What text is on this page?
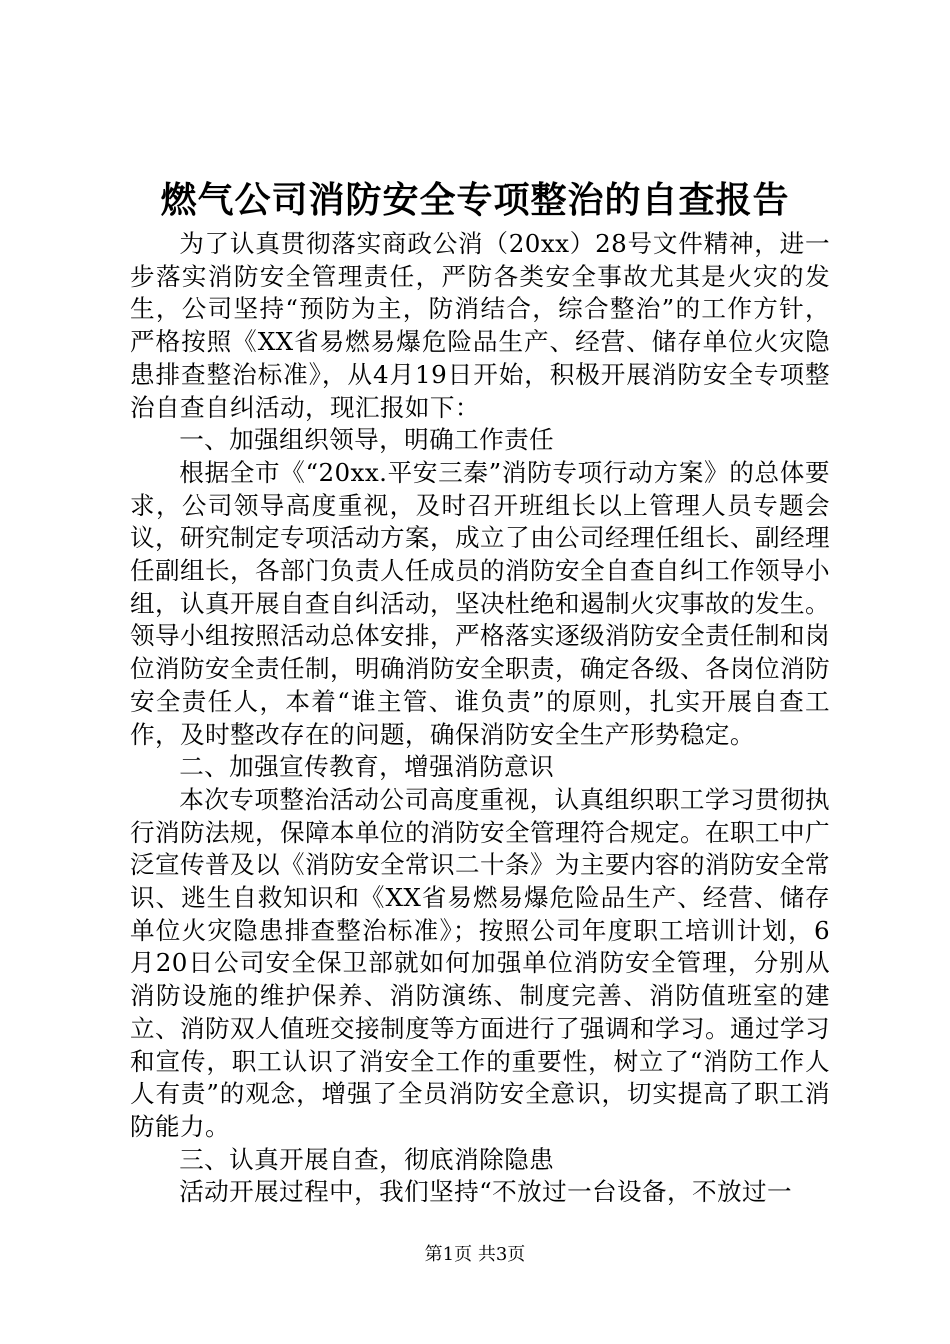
燃气公司消防安全专项整治的自查报告

为了认真贯彻落实商政公消（20xx）28号文件精神，进一步落实消防安全管理责任，严防各类安全事故尤其是火灾的发生，公司坚持“预防为主，防消结合，综合整治”的工作方针，严格按照《XX省易燃易爆危险品生产、经营、储存单位火灾隐患排查整治标准》，从4月19日开始，积极开展消防安全专项整治自查自纠活动，现汇报如下：

一、加强组织领导，明确工作责任

根据全市《“20xx.平安三秦”消防专项行动方案》的总体要求，公司领导高度重视，及时召开班组长以上管理人员专题会议，研究制定专项活动方案，成立了由公司经理任组长、副经理任副组长，各部门负责人任成员的消防安全自查自纠工作领导小组，认真开展自查自纠活动，坚决杜绝和遏制火灾事故的发生。领导小组按照活动总体安排，严格落实逐级消防安全责任制和岗位消防安全责任制，明确消防安全职责，确定各级、各岗位消防安全责任人，本着“谁主管、谁负责”的原则，扎实开展自查工作，及时整改存在的问题，确保消防安全生产形势稳定。

二、加强宣传教育，增强消防意识

本次专项整治活动公司高度重视，认真组织职工学习贯彻执行消防法规，保障本单位的消防安全管理符合规定。在职工中广泛宣传普及以《消防安全常识二十条》为主要内容的消防安全常识、逃生自救知识和《XX省易燃易爆危险品生产、经营、储存单位火灾隐患排查整治标准》；按照公司年度职工培训计划，6月20日公司安全保卫部就如何加强单位消防安全管理，分别从消防设施的维护保养、消防演练、制度完善、消防值班室的建立、消防双人值班交接制度等方面进行了强调和学习。通过学习和宣传，职工认识了消安全工作的重要性，树立了“消防工作人人有责”的观念，增强了全员消防安全意识，切实提高了职工消防能力。

三、认真开展自查，彻底消除隐患

活动开展过程中，我们坚持“不放过一台设备，不放过一

第1页 共3页
